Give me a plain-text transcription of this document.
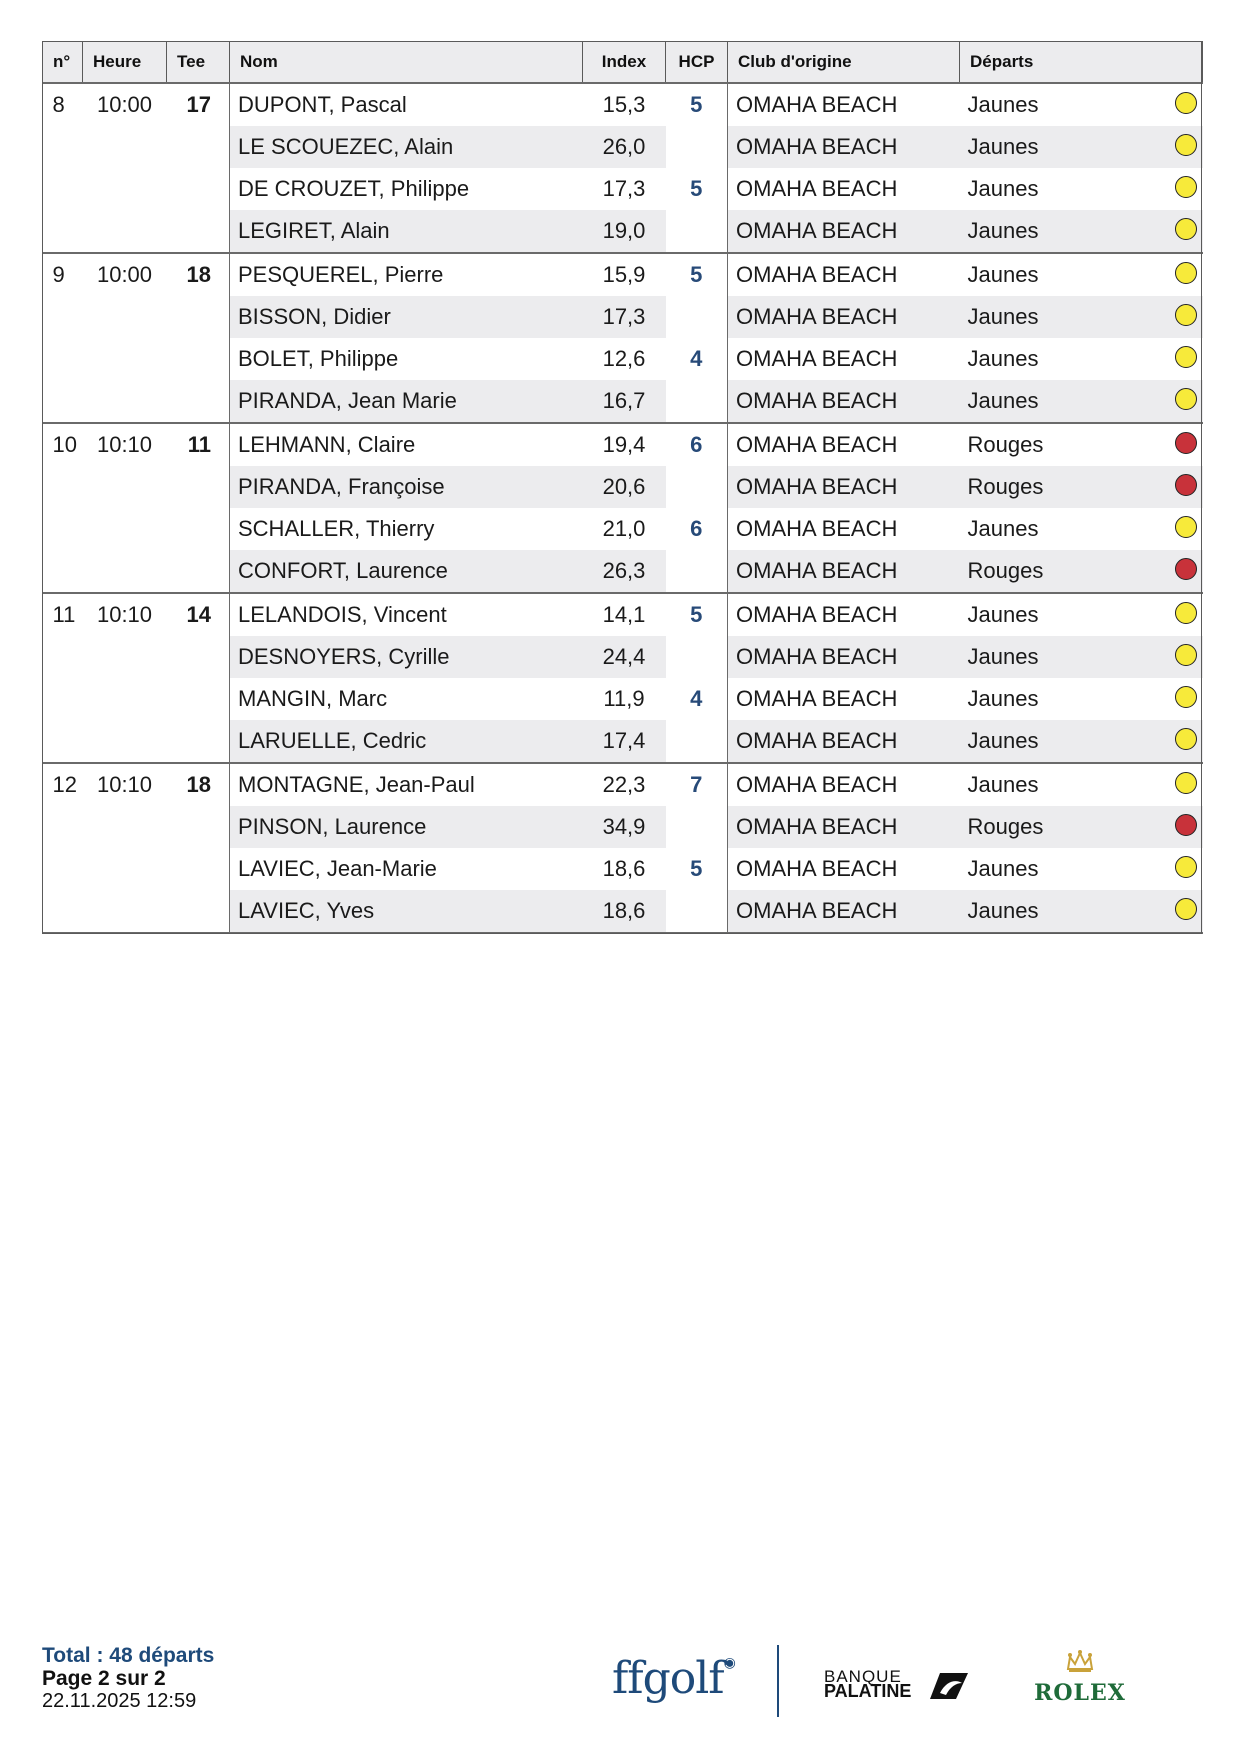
n°	Heure	Tee	Nom	Index	HCP	Club d'origine	Départs
8	10:00	17	DUPONT, Pascal	15,3	5	OMAHA BEACH	Jaunes

			LE SCOUEZEC, Alain	26,0		OMAHA BEACH	Jaunes

			DE CROUZET, Philippe	17,3	5	OMAHA BEACH	Jaunes

			LEGIRET, Alain	19,0		OMAHA BEACH	Jaunes

9	10:00	18	PESQUEREL, Pierre	15,9	5	OMAHA BEACH	Jaunes

			BISSON, Didier	17,3		OMAHA BEACH	Jaunes

			BOLET, Philippe	12,6	4	OMAHA BEACH	Jaunes

			PIRANDA, Jean Marie	16,7		OMAHA BEACH	Jaunes

10	10:10	11	LEHMANN, Claire	19,4	6	OMAHA BEACH	Rouges

			PIRANDA, Françoise	20,6		OMAHA BEACH	Rouges

			SCHALLER, Thierry	21,0	6	OMAHA BEACH	Jaunes

			CONFORT, Laurence	26,3		OMAHA BEACH	Rouges

11	10:10	14	LELANDOIS, Vincent	14,1	5	OMAHA BEACH	Jaunes

			DESNOYERS, Cyrille	24,4		OMAHA BEACH	Jaunes

			MANGIN, Marc	11,9	4	OMAHA BEACH	Jaunes

			LARUELLE, Cedric	17,4		OMAHA BEACH	Jaunes

12	10:10	18	MONTAGNE, Jean-Paul	22,3	7	OMAHA BEACH	Jaunes

			PINSON, Laurence	34,9		OMAHA BEACH	Rouges

			LAVIEC, Jean-Marie	18,6	5	OMAHA BEACH	Jaunes

			LAVIEC, Yves	18,6		OMAHA BEACH	Jaunes
Total : 48 départs
Page 2 sur 2
22.11.2025 12:59	ffgolf◉
BANQUE
PALATINE	ROLEX
